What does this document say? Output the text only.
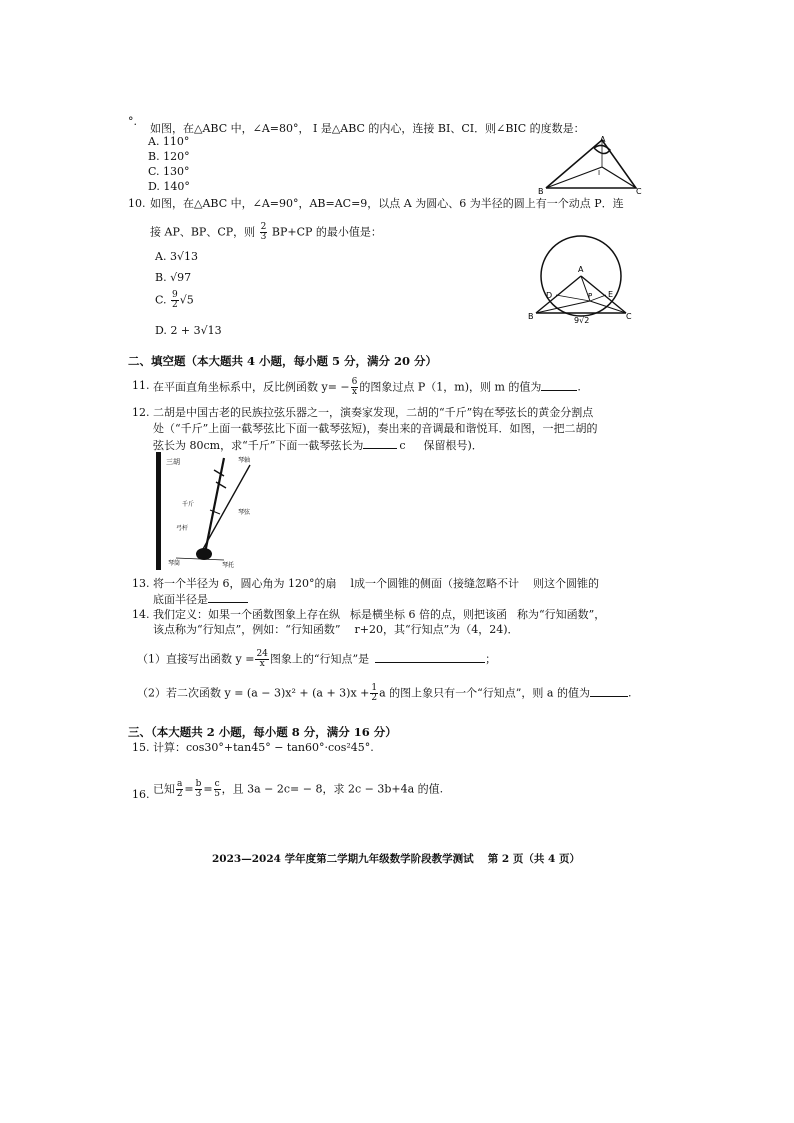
°.
如图，在△ABC 中，∠A=80°， I 是△ABC 的内心，连接 BI、CI．则∠BIC 的度数是：
A. 110°
B. 120°
C. 130°
D. 140°
A
B	C
I
10. 如图，在△ABC 中，∠A=90°，AB=AC=9，以点 A 为圆心、6 为半径的圆上有一个动点 P．连
接 AP、BP、CP，则 $\frac{2}{3} BP+CP$ 的最小值是：
A. 3√13
B. √97
C. $\frac{9}{2} √5$
D. 2 + 3√13
A
B	C
D	E
P
9√2
二、填空题（本大题共 4 小题，每小题 5 分，满分 20 分）
11. 在平面直角坐标系中，反比例函数 $y= - \frac{6}{x}$ 的图象过点 P（1，m)，则 m 的值为	.
12. 二胡是中国古老的民族拉弦乐器之一，演奏家发现，二胡的“千斤”钩在琴弦长的黄金分割点
处（“千斤”上面一截琴弦比下面一截琴弦短)，奏出来的音调最和谐悦耳．如图，一把二胡的
弦长为 80cm，求“千斤”下面一截琴弦长为	c 保留根号)．
三胡	琴轴
千斤
琴弦
弓杆
琴筒	琴托
13. 将一个半径为 6，圆心角为 120°的扇 l成一个圆锥的侧面（接缝忽略不计 则这个圆锥的
底面半径是
14. 我们定义：如果一个函数图象上存在纵 标是横坐标 6 倍的点，则把该函 称为“行知函数”，
该点称为“行知点”，例如：“行知函数” r+20，其“行知点”为（4，24)．
（1）直接写出函数 $y = \frac{24}{x}$ 图象上的“行知点”是	；
（2）若二次函数 $y = (a - 3)x^2 + (a + 3)x + \frac{1}{2}$ a 的图上象只有一个“行知点”，则 a 的值为	.
三、（本大题共 2 小题，每小题 8 分，满分 16 分）
15. 计算：cos30°+tan45° − tan60°·cos²45°.
16. 已知 $\frac{a}{2} = \frac{b}{3} = \frac{c}{5}$ ，且 3a − 2c= − 8，求 2c − 3b+4a 的值.
2023—2024 学年度第二学期九年级数学阶段教学测试　 第 2 页（共 4 页）
